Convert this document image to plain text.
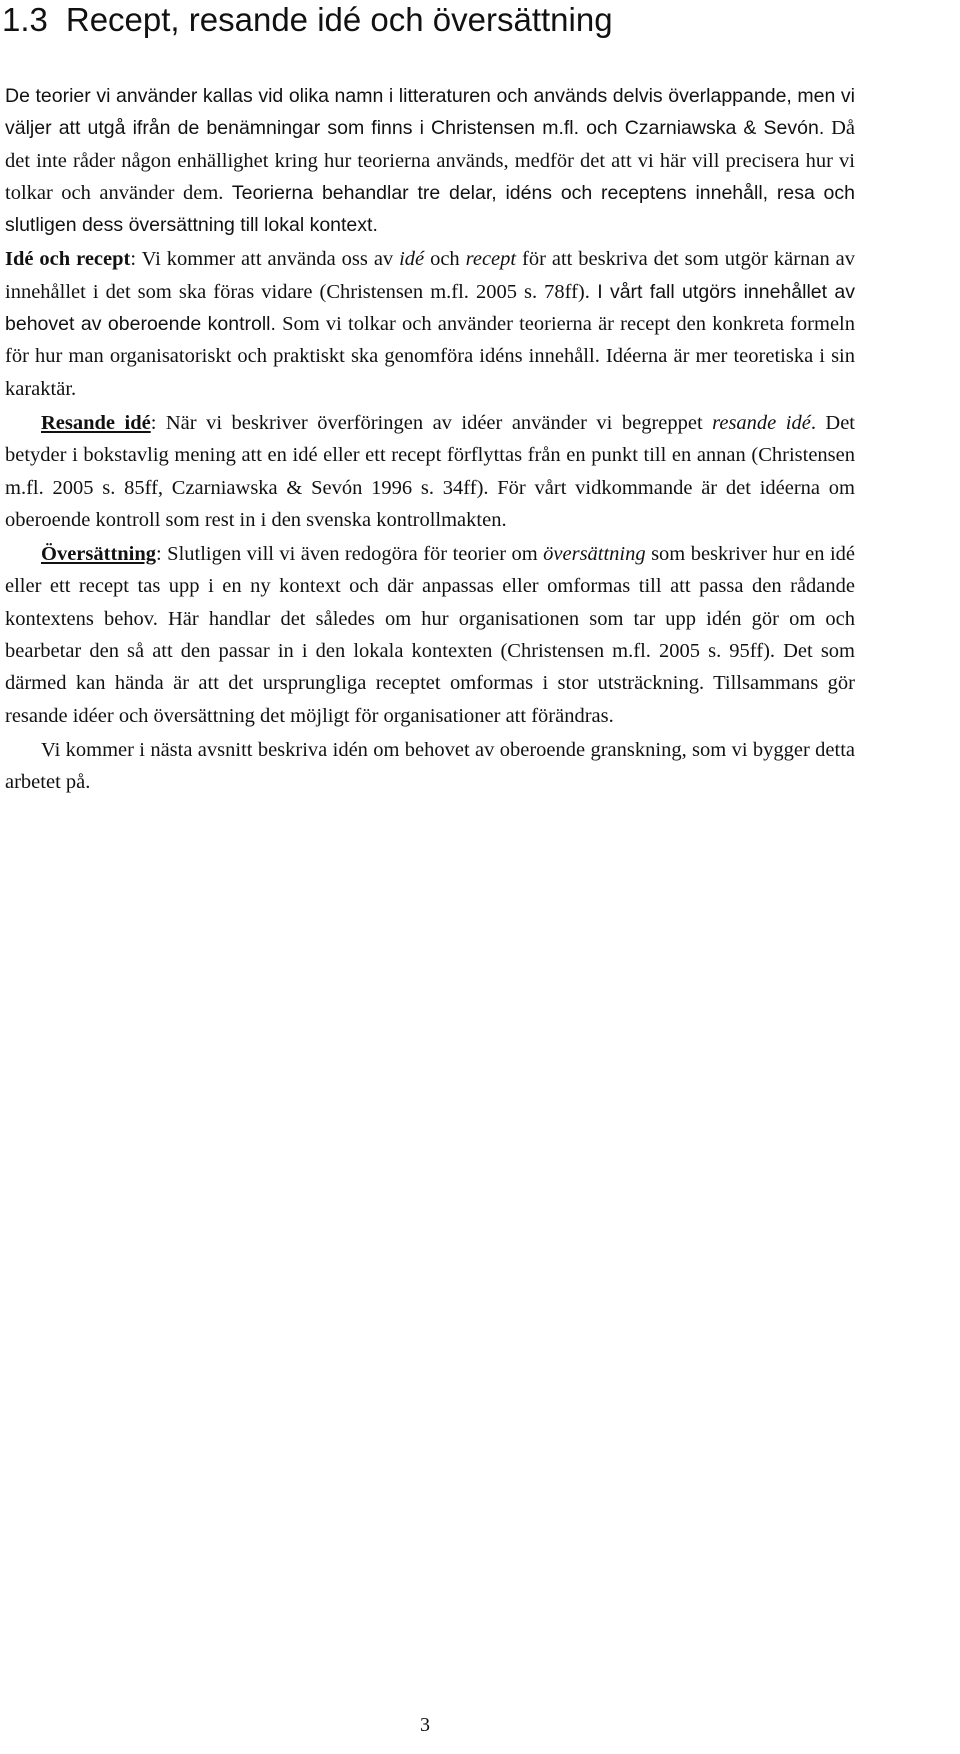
1.3 Recept, resande idé och översättning

De teorier vi använder kallas vid olika namn i litteraturen och används delvis överlappande, men vi väljer att utgå ifrån de benämningar som finns i Christensen m.fl. och Czarniawska & Sevón. Då det inte råder någon enhällighet kring hur teorierna används, medför det att vi här vill precisera hur vi tolkar och använder dem. Teorierna behandlar tre delar, idéns och receptens innehåll, resa och slutligen dess översättning till lokal kontext.

Idé och recept: Vi kommer att använda oss av idé och recept för att beskriva det som utgör kärnan av innehållet i det som ska föras vidare (Christensen m.fl. 2005 s. 78ff). I vårt fall utgörs innehållet av behovet av oberoende kontroll. Som vi tolkar och använder teorierna är recept den konkreta formeln för hur man organisatoriskt och praktiskt ska genomföra idéns innehåll. Idéerna är mer teoretiska i sin karaktär.

Resande idé: När vi beskriver överföringen av idéer använder vi begreppet resande idé. Det betyder i bokstavlig mening att en idé eller ett recept förflyttas från en punkt till en annan (Christensen m.fl. 2005 s. 85ff, Czarniawska & Sevón 1996 s. 34ff). För vårt vidkommande är det idéerna om oberoende kontroll som rest in i den svenska kontrollmakten.

Översättning: Slutligen vill vi även redogöra för teorier om översättning som beskriver hur en idé eller ett recept tas upp i en ny kontext och där anpassas eller omformas till att passa den rådande kontextens behov. Här handlar det således om hur organisationen som tar upp idén gör om och bearbetar den så att den passar in i den lokala kontexten (Christensen m.fl. 2005 s. 95ff). Det som därmed kan hända är att det ursprungliga receptet omformas i stor utsträckning. Tillsammans gör resande idéer och översättning det möjligt för organisationer att förändras.

Vi kommer i nästa avsnitt beskriva idén om behovet av oberoende granskning, som vi bygger detta arbetet på.

3
